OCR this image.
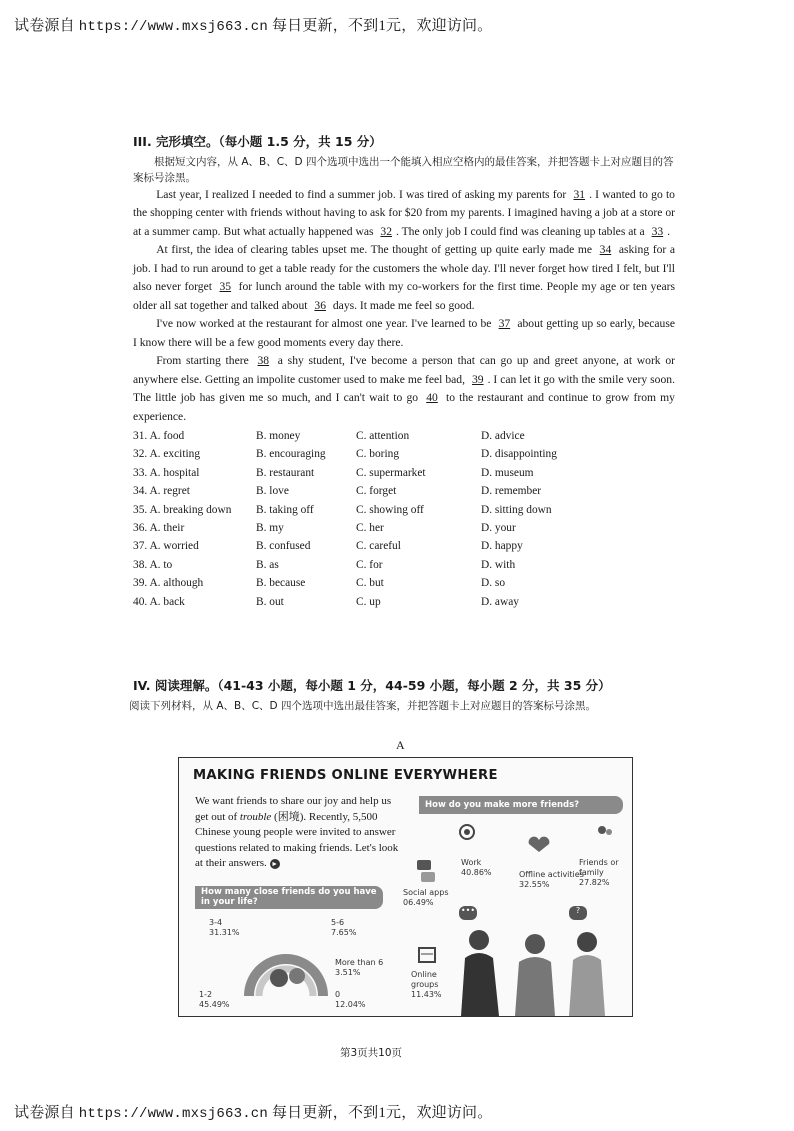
试卷源自 https://www.mxsj663.cn 每日更新，不到1元，欢迎访问。
III. 完形填空。（每小题 1.5 分，共 15 分）

根据短文内容，从 A、B、C、D 四个选项中选出一个能填入相应空格内的最佳答案，并把答题卡上对应题目的答案标号涂黑。

Last year, I realized I needed to find a summer job. I was tired of asking my parents for 31 . I wanted to go to the shopping center with friends without having to ask for $20 from my parents. I imagined having a job at a store or at a summer camp. But what actually happened was 32 . The only job I could find was cleaning up tables at a 33 .

At first, the idea of clearing tables upset me. The thought of getting up quite early made me 34 asking for a job. I had to run around to get a table ready for the customers the whole day. I'll never forget how tired I felt, but I'll also never forget 35 for lunch around the table with my co-workers for the first time. People my age or ten years older all sat together and talked about 36 days. It made me feel so good.

I've now worked at the restaurant for almost one year. I've learned to be 37 about getting up so early, because I know there will be a few good moments every day there.

From starting there 38 a shy student, I've become a person that can go up and greet anyone, at work or anywhere else. Getting an impolite customer used to make me feel bad, 39 . I can let it go with the smile very soon. The little job has given me so much, and I can't wait to go 40 to the restaurant and continue to grow from my experience.

31. A. food	B. money	C. attention	D. advice
32. A. exciting	B. encouraging	C. boring	D. disappointing
33. A. hospital	B. restaurant	C. supermarket	D. museum
34. A. regret	B. love	C. forget	D. remember
35. A. breaking down	B. taking off	C. showing off	D. sitting down
36. A. their	B. my	C. her	D. your
37. A. worried	B. confused	C. careful	D. happy
38. A. to	B. as	C. for	D. with
39. A. although	B. because	C. but	D. so
40. A. back	B. out	C. up	D. away
IV. 阅读理解。（41-43 小题，每小题 1 分，44-59 小题，每小题 2 分，共 35 分）
阅读下列材料，从 A、B、C、D 四个选项中选出最佳答案，并把答题卡上对应题目的答案标号涂黑。
A
MAKING FRIENDS ONLINE EVERYWHERE
We want friends to share our joy and help us get out of trouble (困境). Recently, 5,500 Chinese young people were invited to answer questions related to making friends. Let's look at their answers. ►
How many close friends do you have in your life?
How do you make more friends?
3-4
31.31%
5-6
7.65%
More than 6
3.51%
1-2
45.49%
0
12.04%
Work
40.86%	Offline activities
32.55%
Friends or family
27.82%
Social apps
06.49%
Online groups
11.43%
•••	?
第3页共10页
试卷源自 https://www.mxsj663.cn 每日更新，不到1元，欢迎访问。
